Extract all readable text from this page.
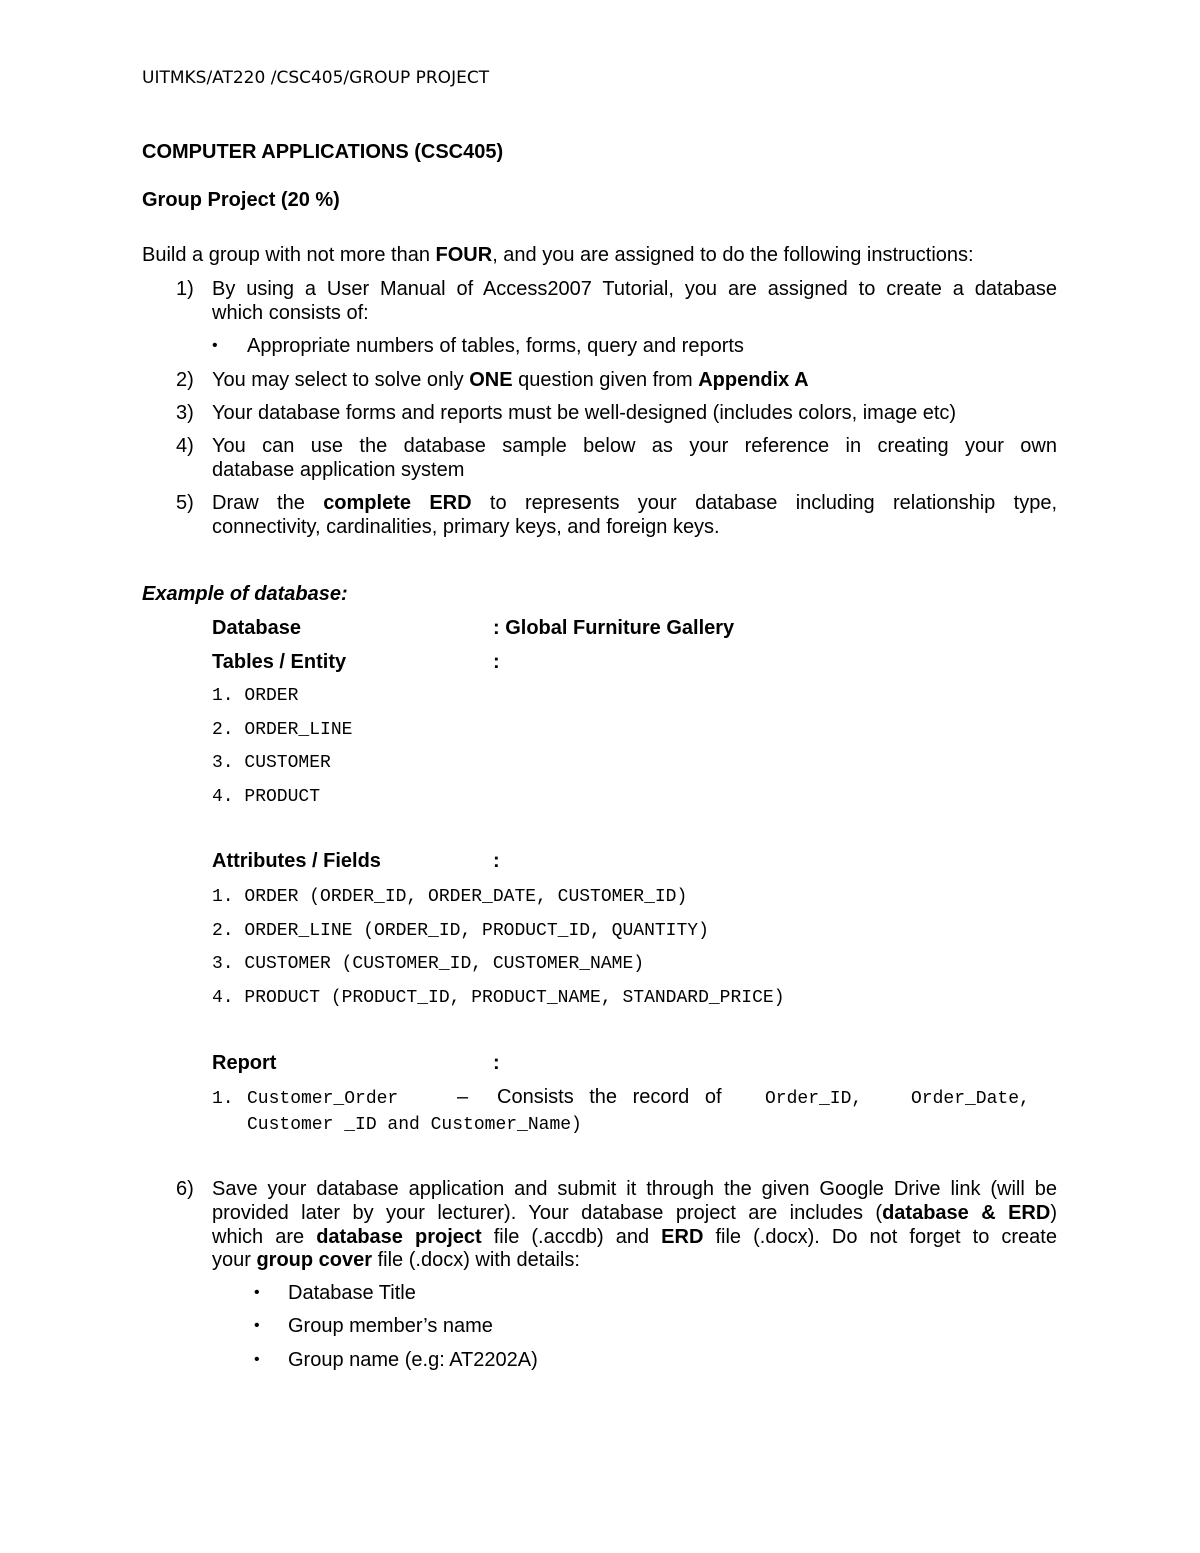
UITMKS/AT220 /CSC405/GROUP PROJECT
COMPUTER APPLICATIONS (CSC405)
Group Project (20 %)
Build a group with not more than FOUR, and you are assigned to do the following instructions:
1) By using a User Manual of Access2007 Tutorial, you are assigned to create a database
which consists of:
• Appropriate numbers of tables, forms, query and reports
2) You may select to solve only ONE question given from Appendix A
3) Your database forms and reports must be well-designed (includes colors, image etc)
4) You can use the database sample below as your reference in creating your own
database application system
5) Draw the complete ERD to represents your database including relationship type,
connectivity, cardinalities, primary keys, and foreign keys.
Example of database:
Database	: Global Furniture Gallery
Tables / Entity	:
1. ORDER
2. ORDER_LINE
3. CUSTOMER
4. PRODUCT
Attributes / Fields	:
1. ORDER (ORDER_ID, ORDER_DATE, CUSTOMER_ID)
2. ORDER_LINE (ORDER_ID, PRODUCT_ID, QUANTITY)
3. CUSTOMER (CUSTOMER_ID, CUSTOMER_NAME)
4. PRODUCT (PRODUCT_ID, PRODUCT_NAME, STANDARD_PRICE)
Report	:
1. Customer_Order	– Consists the record of Order_ID,	Order_Date,
Customer _ID and Customer_Name)
6) Save your database application and submit it through the given Google Drive link (will be
provided later by your lecturer). Your database project are includes (database & ERD)
which are database project file (.accdb) and ERD file (.docx). Do not forget to create
your group cover file (.docx) with details:
• Database Title
• Group member’s name
• Group name (e.g: AT2202A)
